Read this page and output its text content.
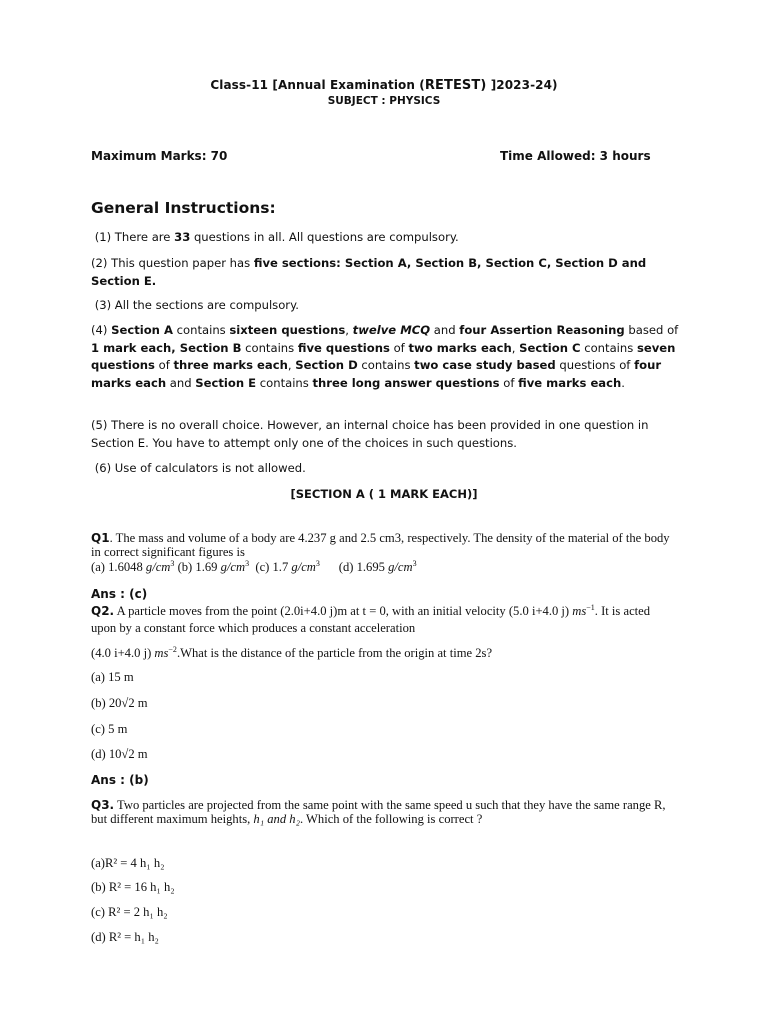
Class-11 [Annual Examination (RETEST) ]2023-24)
SUBJECT : PHYSICS
Maximum Marks: 70	Time Allowed: 3 hours
General Instructions:
(1) There are 33 questions in all. All questions are compulsory.
(2) This question paper has five sections: Section A, Section B, Section C, Section D and Section E.
(3) All the sections are compulsory.
(4) Section A contains sixteen questions, twelve MCQ and four Assertion Reasoning based of 1 mark each, Section B contains five questions of two marks each, Section C contains seven questions of three marks each, Section D contains two case study based questions of four marks each and Section E contains three long answer questions of five marks each.
(5) There is no overall choice. However, an internal choice has been provided in one question in Section E. You have to attempt only one of the choices in such questions.
(6) Use of calculators is not allowed.
[SECTION A ( 1 MARK EACH)]
Q1. The mass and volume of a body are 4.237 g and 2.5 cm3, respectively. The density of the material of the body in correct significant figures is
(a) 1.6048 $g/cm^3$ (b) 1.69 $g/cm^3$ (c) 1.7 $g/cm^3$ (d) 1.695 $g/cm^3$
Ans : (c)
Q2. A particle moves from the point (2.0i+4.0 j)m at t = 0, with an initial velocity (5.0 i+4.0 j) $ms^{-1}$. It is acted upon by a constant force which produces a constant acceleration
(4.0 i+4.0 j) $ms^{-2}.What$ is the distance of the particle from the origin at time 2s?
(a) 15 m
(b) 20√2 m
(c) 5 m
(d) 10√2 m
Ans : (b)
Q3. Two particles are projected from the same point with the same speed u such that they have the same range R, but different maximum heights, h₁ and h₂. Which of the following is correct ?
(a)R² = 4 h₁ h₂
(b) R² = 16 h₁ h₂
(c) R² = 2 h₁ h₂
(d) R² = h₁ h₂
